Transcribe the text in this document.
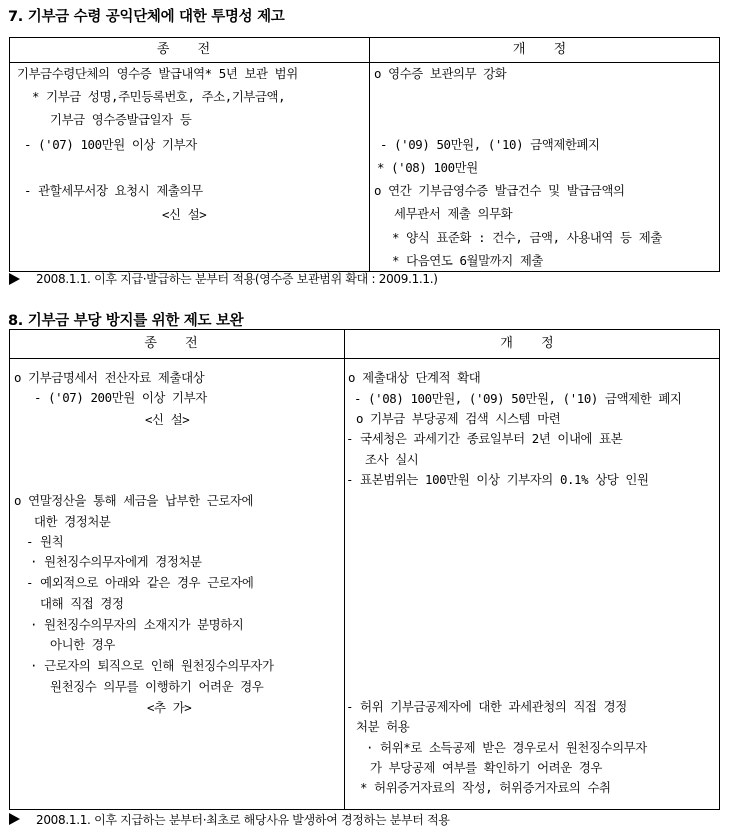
7. 기부금 수령 공익단체에 대한 투명성 제고
종 전	개 정
기부금수령단체의 영수증 발급내역* 5년 보관 범위
* 기부금 성명,주민등록번호, 주소,기부금액,
기부금 영수증발급일자 등
- ('07) 100만원 이상 기부자
- 관할세무서장 요청시 제출의무
<신 설>
o 영수증 보관의무 강화
- ('09) 50만원, ('10) 금액제한폐지
* ('08) 100만원
o 연간 기부금영수증 발급건수 및 발급금액의
세무관서 제출 의무화
* 양식 표준화 : 건수, 금액, 사용내역 등 제출
* 다음연도 6월말까지 제출
2008.1.1. 이후 지급·발급하는 분부터 적용(영수증 보관범위 확대 : 2009.1.1.)
8. 기부금 부당 방지를 위한 제도 보완
종 전	개 정
o 기부금명세서 전산자료 제출대상
- ('07) 200만원 이상 기부자
<신 설>
o 연말정산을 통해 세금을 납부한 근로자에
대한 경정처분
- 원칙
· 원천징수의무자에게 경정처분
- 예외적으로 아래와 같은 경우 근로자에
대해 직접 경정
· 원천징수의무자의 소재지가 분명하지
아니한 경우
· 근로자의 퇴직으로 인해 원천징수의무자가
원천징수 의무를 이행하기 어려운 경우
<추 가>
o 제출대상 단계적 확대
- ('08) 100만원, ('09) 50만원, ('10) 금액제한 폐지
o 기부금 부당공제 검색 시스템 마련
- 국세청은 과세기간 종료일부터 2년 이내에 표본
조사 실시
- 표본범위는 100만원 이상 기부자의 0.1% 상당 인원
- 허위 기부금공제자에 대한 과세관청의 직접 경정
처분 허용
· 허위*로 소득공제 받은 경우로서 원천징수의무자
가 부당공제 여부를 확인하기 어려운 경우
* 허위증거자료의 작성, 허위증거자료의 수취
2008.1.1. 이후 지급하는 분부터·최초로 해당사유 발생하여 경정하는 분부터 적용
